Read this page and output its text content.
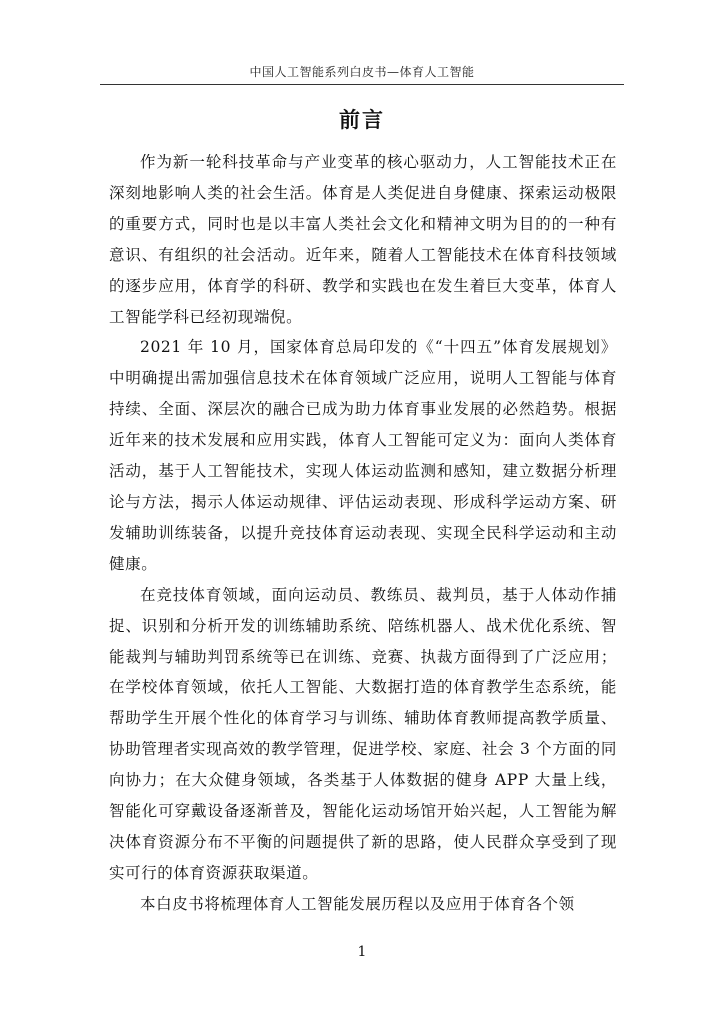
中国人工智能系列白皮书—体育人工智能
前言

作为新一轮科技革命与产业变革的核心驱动力，人工智能技术正在深刻地影响人类的社会生活。体育是人类促进自身健康、探索运动极限的重要方式，同时也是以丰富人类社会文化和精神文明为目的的一种有意识、有组织的社会活动。近年来，随着人工智能技术在体育科技领域的逐步应用，体育学的科研、教学和实践也在发生着巨大变革，体育人工智能学科已经初现端倪。

2021 年 10 月，国家体育总局印发的《“十四五”体育发展规划》中明确提出需加强信息技术在体育领域广泛应用，说明人工智能与体育持续、全面、深层次的融合已成为助力体育事业发展的必然趋势。根据近年来的技术发展和应用实践，体育人工智能可定义为：面向人类体育活动，基于人工智能技术，实现人体运动监测和感知，建立数据分析理论与方法，揭示人体运动规律、评估运动表现、形成科学运动方案、研发辅助训练装备，以提升竞技体育运动表现、实现全民科学运动和主动健康。

在竞技体育领域，面向运动员、教练员、裁判员，基于人体动作捕捉、识别和分析开发的训练辅助系统、陪练机器人、战术优化系统、智能裁判与辅助判罚系统等已在训练、竞赛、执裁方面得到了广泛应用；在学校体育领域，依托人工智能、大数据打造的体育教学生态系统，能帮助学生开展个性化的体育学习与训练、辅助体育教师提高教学质量、协助管理者实现高效的教学管理，促进学校、家庭、社会 3 个方面的同向协力；在大众健身领域，各类基于人体数据的健身 APP 大量上线，智能化可穿戴设备逐渐普及，智能化运动场馆开始兴起，人工智能为解决体育资源分布不平衡的问题提供了新的思路，使人民群众享受到了现实可行的体育资源获取渠道。

本白皮书将梳理体育人工智能发展历程以及应用于体育各个领

1
